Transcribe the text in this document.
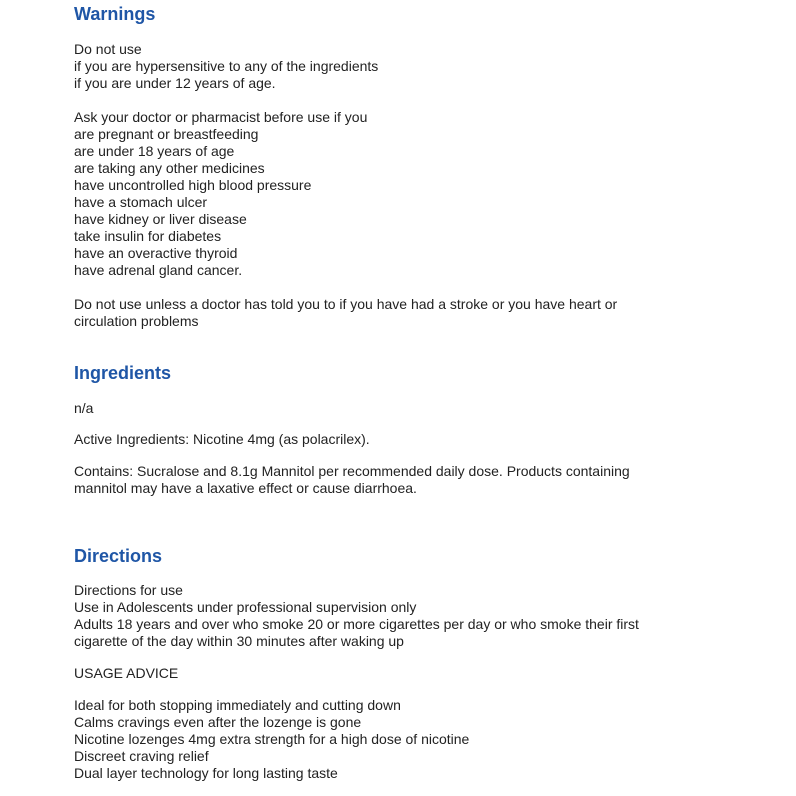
Warnings
Do not use
if you are hypersensitive to any of the ingredients
if you are under 12 years of age.
Ask your doctor or pharmacist before use if you
are pregnant or breastfeeding
are under 18 years of age
are taking any other medicines
have uncontrolled high blood pressure
have a stomach ulcer
have kidney or liver disease
take insulin for diabetes
have an overactive thyroid
have adrenal gland cancer.
Do not use unless a doctor has told you to if you have had a stroke or you have heart or
circulation problems
Ingredients

n/a

Active Ingredients: Nicotine 4mg (as polacrilex).

Contains: Sucralose and 8.1g Mannitol per recommended daily dose. Products containing
mannitol may have a laxative effect or cause diarrhoea.
Directions
Directions for use
Use in Adolescents under professional supervision only
Adults 18 years and over who smoke 20 or more cigarettes per day or who smoke their first
cigarette of the day within 30 minutes after waking up

USAGE ADVICE

Ideal for both stopping immediately and cutting down
Calms cravings even after the lozenge is gone
Nicotine lozenges 4mg extra strength for a high dose of nicotine
Discreet craving relief
Dual layer technology for long lasting taste
